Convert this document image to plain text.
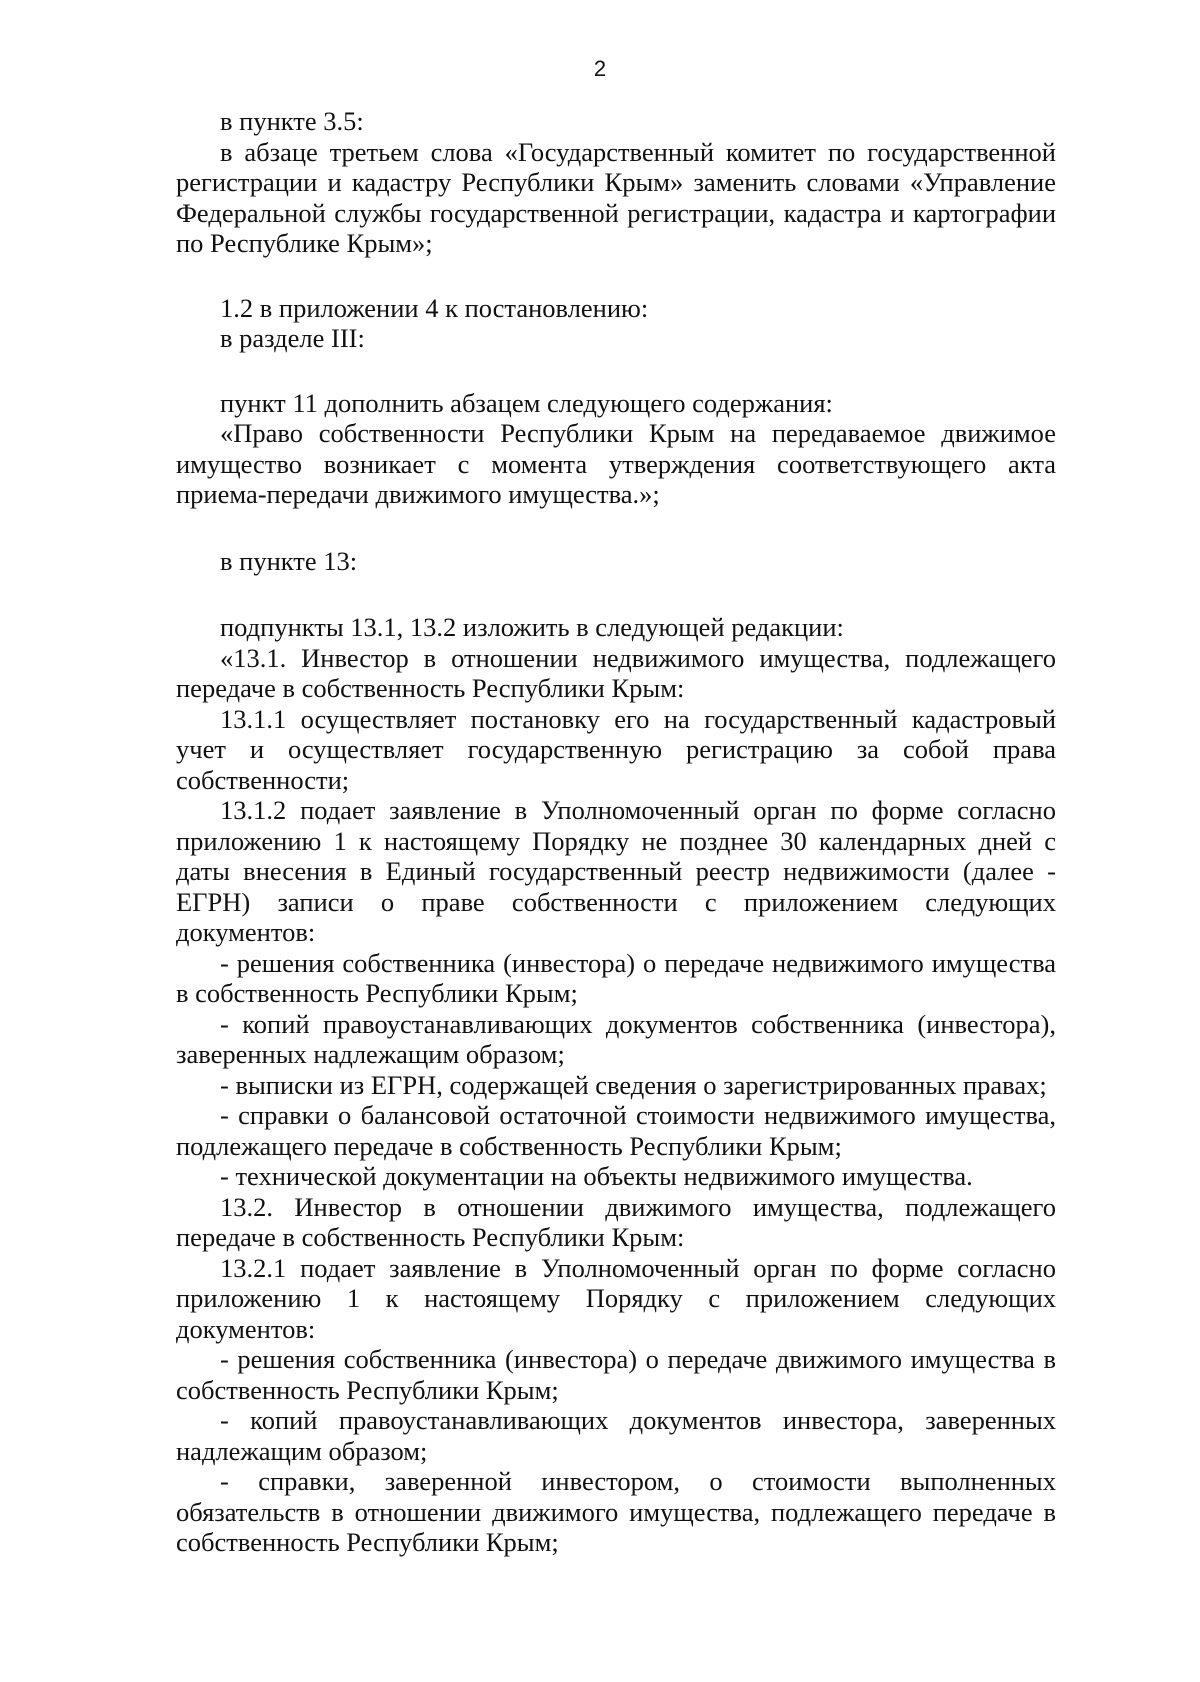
2

в пункте 3.5:

в абзаце третьем слова «Государственный комитет по государственной регистрации и кадастру Республики Крым» заменить словами «Управление Федеральной службы государственной регистрации, кадастра и картографии по Республике Крым»;

1.2 в приложении 4 к постановлению:

в разделе III:

пункт 11 дополнить абзацем следующего содержания:

«Право собственности Республики Крым на передаваемое движимое имущество возникает с момента утверждения соответствующего акта приема-передачи движимого имущества.»;

в пункте 13:

подпункты 13.1, 13.2 изложить в следующей редакции:

«13.1. Инвестор в отношении недвижимого имущества, подлежащего передаче в собственность Республики Крым:

13.1.1 осуществляет постановку его на государственный кадастровый учет и осуществляет государственную регистрацию за собой права собственности;

13.1.2 подает заявление в Уполномоченный орган по форме согласно приложению 1 к настоящему Порядку не позднее 30 календарных дней с даты внесения в Единый государственный реестр недвижимости (далее - ЕГРН) записи о праве собственности с приложением следующих документов:

- решения собственника (инвестора) о передаче недвижимого имущества в собственность Республики Крым;

- копий правоустанавливающих документов собственника (инвестора), заверенных надлежащим образом;

- выписки из ЕГРН, содержащей сведения о зарегистрированных правах;

- справки о балансовой остаточной стоимости недвижимого имущества, подлежащего передаче в собственность Республики Крым;

- технической документации на объекты недвижимого имущества.

13.2. Инвестор в отношении движимого имущества, подлежащего передаче в собственность Республики Крым:

13.2.1 подает заявление в Уполномоченный орган по форме согласно приложению 1 к настоящему Порядку с приложением следующих документов:

- решения собственника (инвестора) о передаче движимого имущества в собственность Республики Крым;

- копий правоустанавливающих документов инвестора, заверенных надлежащим образом;

- справки, заверенной инвестором, о стоимости выполненных обязательств в отношении движимого имущества, подлежащего передаче в собственность Республики Крым;
